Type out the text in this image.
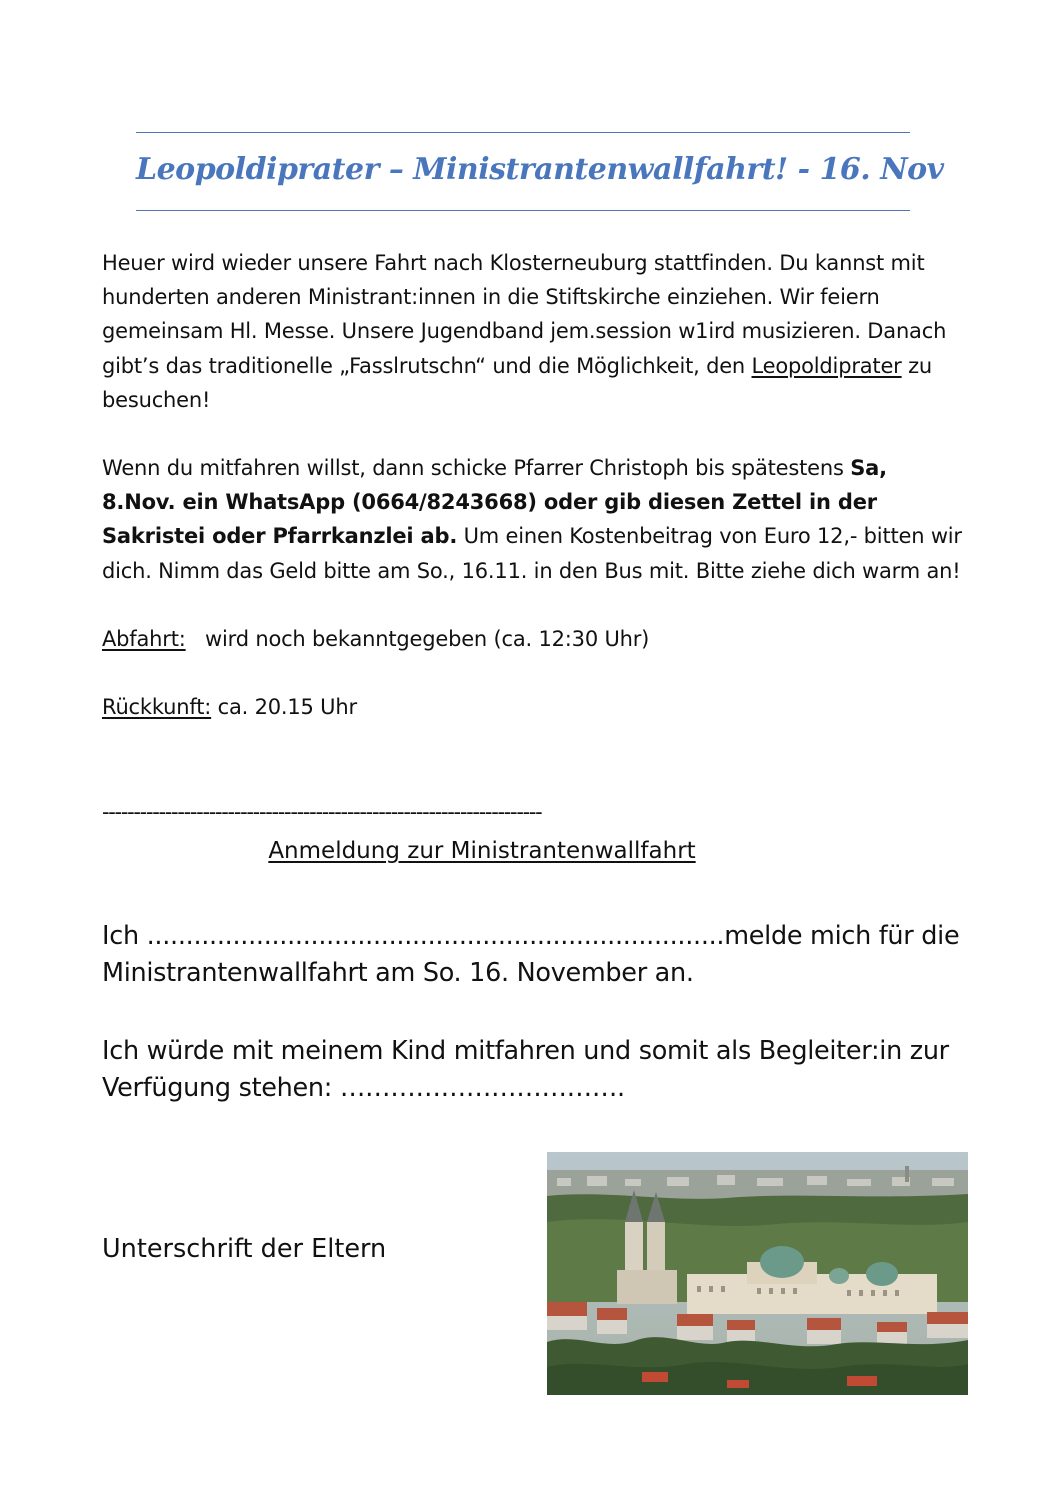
Leopoldiprater – Ministrantenwallfahrt! - 16. Nov

Heuer wird wieder unsere Fahrt nach Klosterneuburg stattfinden. Du kannst mit hunderten anderen Ministrant:innen in die Stiftskirche einziehen. Wir feiern gemeinsam Hl. Messe. Unsere Jugendband jem.session w1ird musizieren. Danach gibt’s das traditionelle „Fasslrutschn“ und die Möglichkeit, den Leopoldiprater zu besuchen!

Wenn du mitfahren willst, dann schicke Pfarrer Christoph bis spätestens Sa, 8.Nov. ein WhatsApp (0664/8243668) oder gib diesen Zettel in der Sakristei oder Pfarrkanzlei ab. Um einen Kostenbeitrag von Euro 12,- bitten wir dich. Nimm das Geld bitte am So., 16.11. in den Bus mit. Bitte ziehe dich warm an!

Abfahrt:   wird noch bekanntgegeben (ca. 12:30 Uhr)

Rückkunft: ca. 20.15 Uhr

----------------------------------------------------------------------
Anmeldung zur Ministrantenwallfahrt

Ich ..........................................................................melde mich für die Ministrantenwallfahrt am So. 16. November an.

Ich würde mit meinem Kind mitfahren und somit als Begleiter:in zur Verfügung stehen: …………………………….

Unterschrift der Eltern
